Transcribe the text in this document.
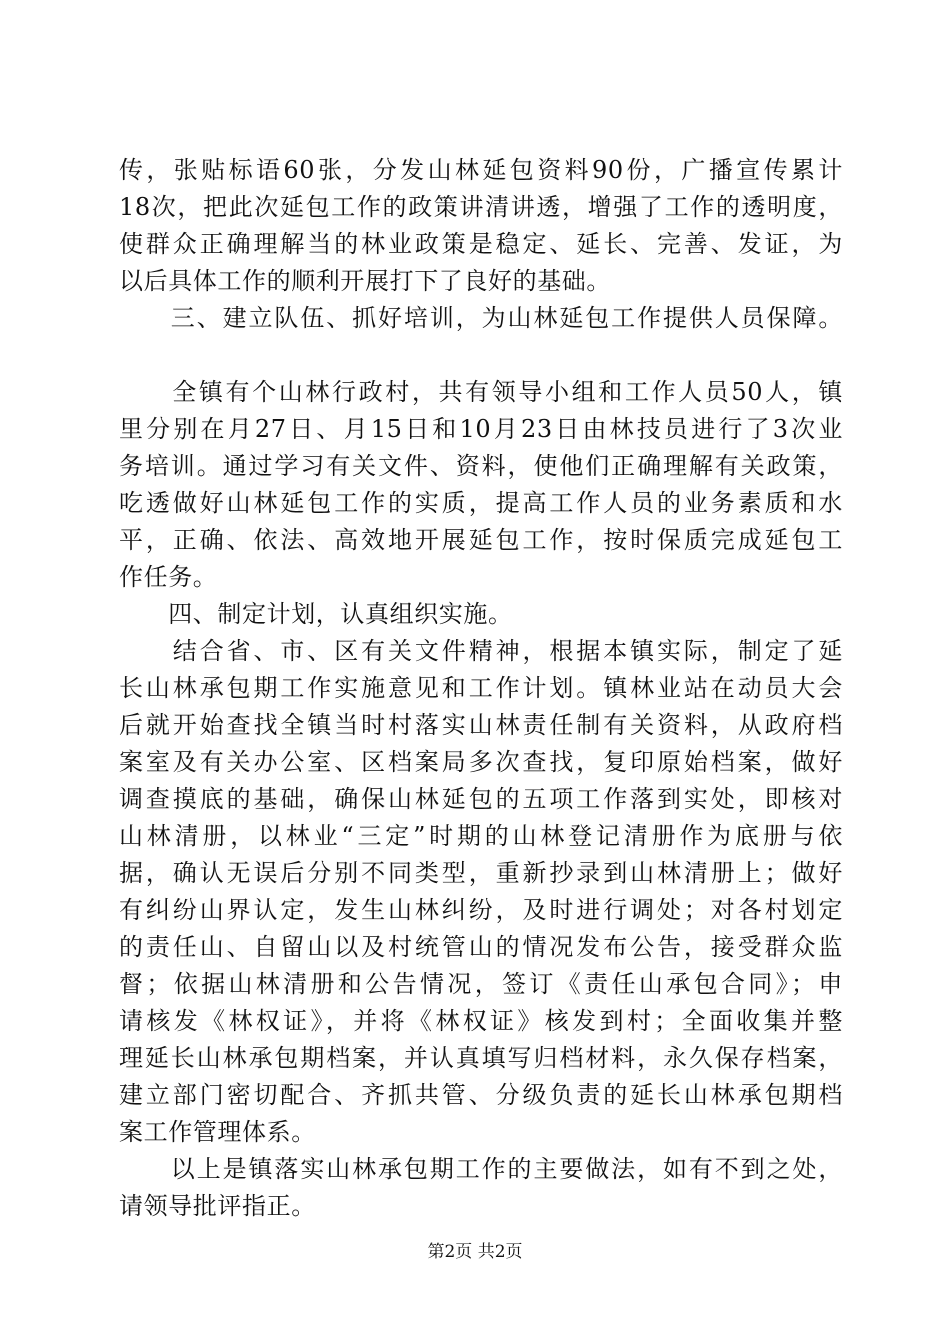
传，张贴标语60张，分发山林延包资料90份，广播宣传累计
18次，把此次延包工作的政策讲清讲透，增强了工作的透明度，
使群众正确理解当的林业政策是稳定、延长、完善、发证，为
以后具体工作的顺利开展打下了良好的基础。
　　三、建立队伍、抓好培训，为山林延包工作提供人员保障。
　　全镇有个山林行政村，共有领导小组和工作人员50人，镇
里分别在月27日、月15日和10月23日由林技员进行了3次业
务培训。通过学习有关文件、资料，使他们正确理解有关政策，
吃透做好山林延包工作的实质，提高工作人员的业务素质和水
平，正确、依法、高效地开展延包工作，按时保质完成延包工
作任务。
　　四、制定计划，认真组织实施。
　　结合省、市、区有关文件精神，根据本镇实际，制定了延
长山林承包期工作实施意见和工作计划。镇林业站在动员大会
后就开始查找全镇当时村落实山林责任制有关资料，从政府档
案室及有关办公室、区档案局多次查找，复印原始档案，做好
调查摸底的基础，确保山林延包的五项工作落到实处，即核对
山林清册，以林业“三定”时期的山林登记清册作为底册与依
据，确认无误后分别不同类型，重新抄录到山林清册上；做好
有纠纷山界认定，发生山林纠纷，及时进行调处；对各村划定
的责任山、自留山以及村统管山的情况发布公告，接受群众监
督；依据山林清册和公告情况，签订《责任山承包合同》；申
请核发《林权证》，并将《林权证》核发到村；全面收集并整
理延长山林承包期档案，并认真填写归档材料，永久保存档案，
建立部门密切配合、齐抓共管、分级负责的延长山林承包期档
案工作管理体系。
　　以上是镇落实山林承包期工作的主要做法，如有不到之处，
请领导批评指正。
第2页 共2页
